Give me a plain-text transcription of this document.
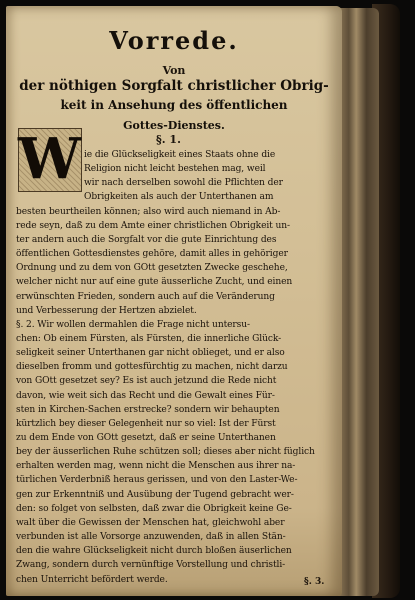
Vorrede.
Von
der nöthigen Sorgfalt christlicher Obrig-
keit in Ansehung des öffentlichen
Gottes-Dienstes.
W	§. 1.
ie die Glückseligkeit eines Staats ohne die
Religion nicht leicht bestehen mag, weil
wir nach derselben sowohl die Pflichten der
Obrigkeiten als auch der Unterthanen am
besten beurtheilen können; also wird auch niemand in Ab-
rede seyn, daß zu dem Amte einer christlichen Obrigkeit un-
ter andern auch die Sorgfalt vor die gute Einrichtung des
öffentlichen Gottesdienstes gehöre, damit alles in gehöriger
Ordnung und zu dem von GOtt gesetzten Zwecke geschehe,
welcher nicht nur auf eine gute äusserliche Zucht, und einen
erwünschten Frieden, sondern auch auf die Veränderung
und Verbesserung der Hertzen abzielet.
§. 2. Wir wollen dermahlen die Frage nicht untersu-
chen: Ob einem Fürsten, als Fürsten, die innerliche Glück-
seligkeit seiner Unterthanen gar nicht oblieget, und er also
dieselben fromm und gottesfürchtig zu machen, nicht darzu
von GOtt gesetzet sey? Es ist auch jetzund die Rede nicht
davon, wie weit sich das Recht und die Gewalt eines Für-
sten in Kirchen-Sachen erstrecke? sondern wir behaupten
kürtzlich bey dieser Gelegenheit nur so viel: Ist der Fürst
zu dem Ende von GOtt gesetzt, daß er seine Unterthanen
bey der äusserlichen Ruhe schützen soll; dieses aber nicht füglich
erhalten werden mag, wenn nicht die Menschen aus ihrer na-
türlichen Verderbniß heraus gerissen, und von den Laster-We-
gen zur Erkenntniß und Ausübung der Tugend gebracht wer-
den: so folget von selbsten, daß zwar die Obrigkeit keine Ge-
walt über die Gewissen der Menschen hat, gleichwohl aber
verbunden ist alle Vorsorge anzuwenden, daß in allen Stän-
den die wahre Glückseligkeit nicht durch bloßen äuserlichen
Zwang, sondern durch vernünftige Vorstellung und christli-
chen Unterricht befördert werde.	§. 3.
